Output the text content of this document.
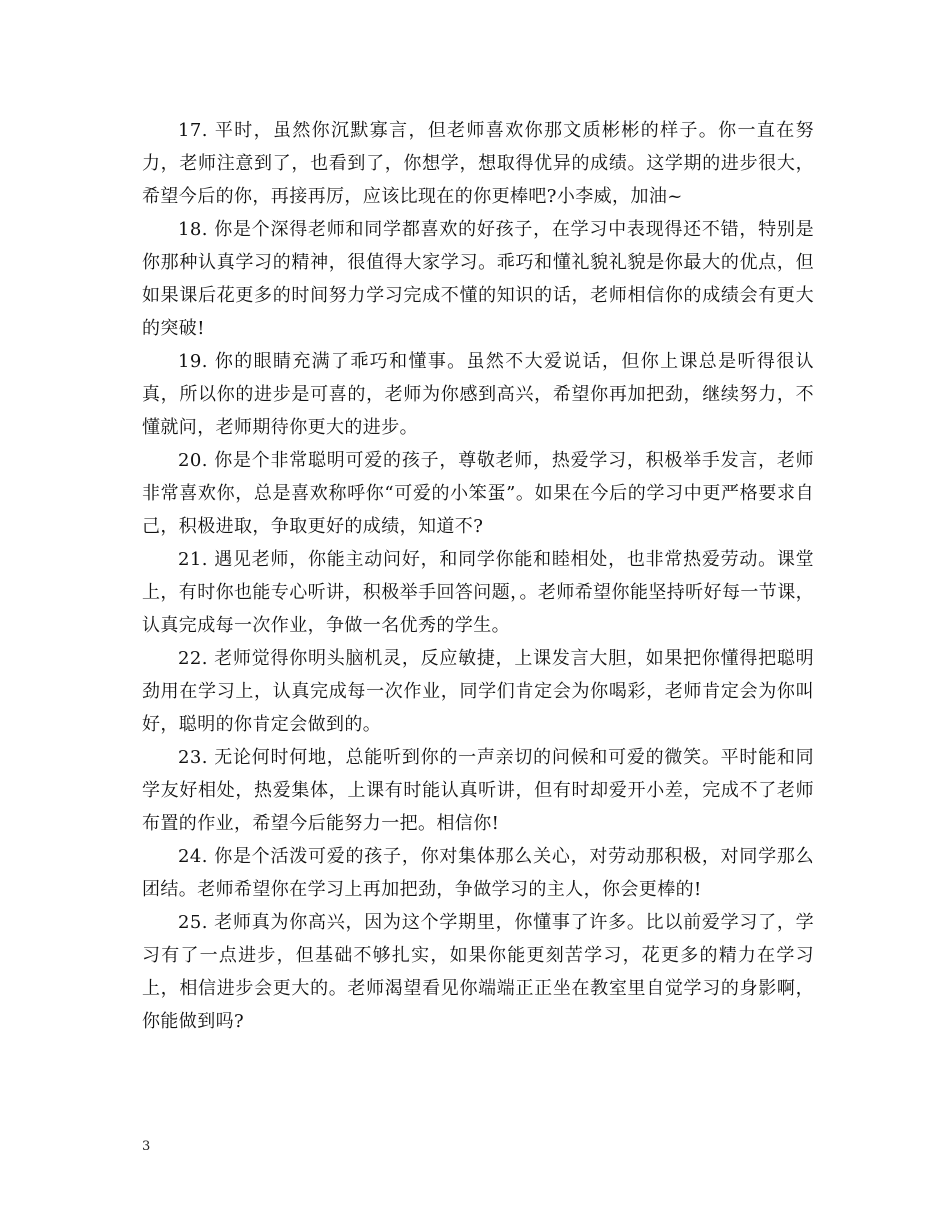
17. 平时，虽然你沉默寡言，但老师喜欢你那文质彬彬的样子。你一直在努力，老师注意到了，也看到了，你想学，想取得优异的成绩。这学期的进步很大，希望今后的你，再接再厉，应该比现在的你更棒吧?小李威，加油~

18. 你是个深得老师和同学都喜欢的好孩子，在学习中表现得还不错，特别是你那种认真学习的精神，很值得大家学习。乖巧和懂礼貌礼貌是你最大的优点，但如果课后花更多的时间努力学习完成不懂的知识的话，老师相信你的成绩会有更大的突破!

19. 你的眼睛充满了乖巧和懂事。虽然不大爱说话，但你上课总是听得很认真，所以你的进步是可喜的，老师为你感到高兴，希望你再加把劲，继续努力，不懂就问，老师期待你更大的进步。

20. 你是个非常聪明可爱的孩子，尊敬老师，热爱学习，积极举手发言，老师非常喜欢你，总是喜欢称呼你“可爱的小笨蛋”。如果在今后的学习中更严格要求自己，积极进取，争取更好的成绩，知道不?

21. 遇见老师，你能主动问好，和同学你能和睦相处，也非常热爱劳动。课堂上，有时你也能专心听讲，积极举手回答问题，。老师希望你能坚持听好每一节课，认真完成每一次作业，争做一名优秀的学生。

22. 老师觉得你明头脑机灵，反应敏捷，上课发言大胆，如果把你懂得把聪明劲用在学习上，认真完成每一次作业，同学们肯定会为你喝彩，老师肯定会为你叫好，聪明的你肯定会做到的。

23. 无论何时何地，总能听到你的一声亲切的问候和可爱的微笑。平时能和同学友好相处，热爱集体，上课有时能认真听讲，但有时却爱开小差，完成不了老师布置的作业，希望今后能努力一把。相信你!

24. 你是个活泼可爱的孩子，你对集体那么关心，对劳动那积极，对同学那么团结。老师希望你在学习上再加把劲，争做学习的主人，你会更棒的!

25. 老师真为你高兴，因为这个学期里，你懂事了许多。比以前爱学习了，学习有了一点进步，但基础不够扎实，如果你能更刻苦学习，花更多的精力在学习上，相信进步会更大的。老师渴望看见你端端正正坐在教室里自觉学习的身影啊，你能做到吗?

3
